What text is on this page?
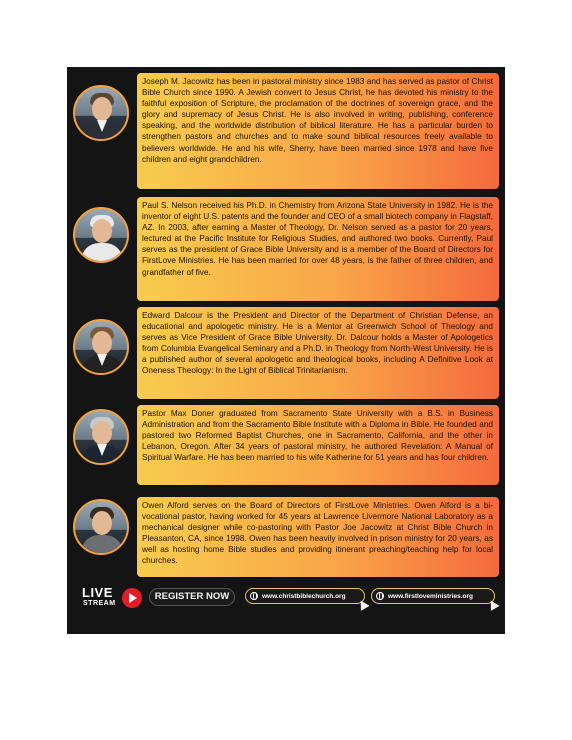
Joseph M. Jacowitz has been in pastoral ministry since 1983 and has served as pastor of Christ Bible Church since 1990. A Jewish convert to Jesus Christ, he has devoted his ministry to the faithful exposition of Scripture, the proclamation of the doctrines of sovereign grace, and the glory and supremacy of Jesus Christ. He is also involved in writing, publishing, conference speaking, and the worldwide distribution of biblical literature. He has a particular burden to strengthen pastors and churches and to make sound biblical resources freely available to believers worldwide. He and his wife, Sherry, have been married since 1978 and have five children and eight grandchildren.
Paul S. Nelson received his Ph.D. in Chemistry from Arizona State University in 1982. He is the inventor of eight U.S. patents and the founder and CEO of a small biotech company in Flagstaff, AZ. In 2003, after earning a Master of Theology, Dr. Nelson served as a pastor for 20 years, lectured at the Pacific Institute for Religious Studies, and authored two books. Currently, Paul serves as the president of Grace Bible University and is a member of the Board of Directors for FirstLove Ministries. He has been married for over 48 years, is the father of three children, and grandfather of five.
Edward Dalcour is the President and Director of the Department of Christian Defense, an educational and apologetic ministry. He is a Mentor at Greenwich School of Theology and serves as Vice President of Grace Bible University. Dr. Dalcour holds a Master of Apologetics from Columbia Evangelical Seminary and a Ph.D. in Theology from North-West University. He is a published author of several apologetic and theological books, including A Definitive Look at Oneness Theology: In the Light of Biblical Trinitarianism.
Pastor Max Doner graduated from Sacramento State University with a B.S. in Business Administration and from the Sacramento Bible Institute with a Diploma in Bible. He founded and pastored two Reformed Baptist Churches, one in Sacramento, California, and the other in Lebanon, Oregon. After 34 years of pastoral ministry, he authored Revelation: A Manual of Spiritual Warfare. He has been married to his wife Katherine for 51 years and has four children.
Owen Alford serves on the Board of Directors of FirstLove Ministries. Owen Alford is a bi-vocational pastor, having worked for 45 years at Lawrence Livermore National Laboratory as a mechanical designer while co-pastoring with Pastor Joe Jacowitz at Christ Bible Church in Pleasanton, CA, since 1998. Owen has been heavily involved in prison ministry for 20 years, as well as hosting home Bible studies and providing itinerant preaching/teaching help for local churches.
LIVE
STREAM
REGISTER NOW	www.christbiblechurch.org	www.firstloveministries.org
